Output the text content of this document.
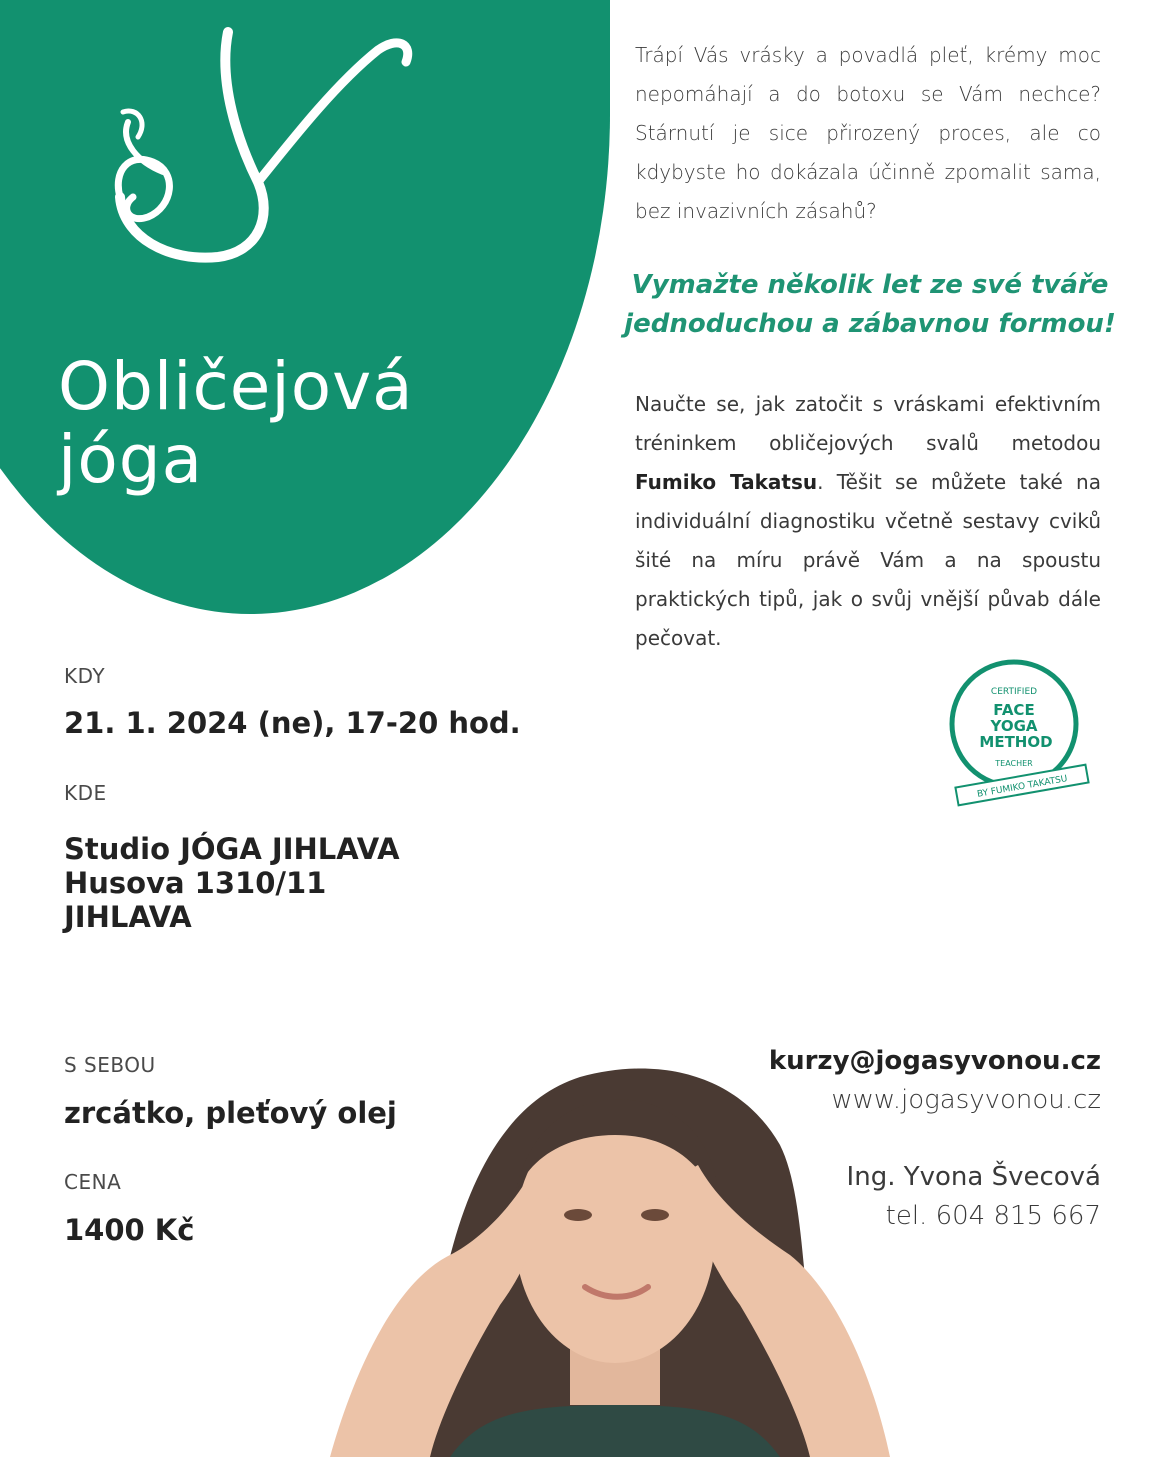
Obličejová
jóga

Trápí Vás vrásky a povadlá pleť, krémy moc nepomáhají a do botoxu se Vám nechce? Stárnutí je sice přirozený proces, ale co kdybyste ho dokázala účinně zpomalit sama, bez invazivních zásahů?

Vymažte několik let ze své tváře
jednoduchou a zábavnou formou!

Naučte se, jak zatočit s vráskami efektivním tréninkem obličejových svalů metodou Fumiko Takatsu. Těšit se můžete také na individuální diagnostiku včetně sestavy cviků šité na míru právě Vám a na spoustu praktických tipů, jak o svůj vnější půvab dále pečovat.

CERTIFIED
FACE
YOGA
METHOD
TEACHER
BY FUMIKO TAKATSU

KDY

21. 1. 2024 (ne), 17-20 hod.

KDE

Studio JÓGA JIHLAVA
Husova 1310/11
JIHLAVA

S SEBOU

zrcátko, pleťový olej

CENA

1400 Kč

kurzy@jogasyvonou.cz

www.jogasyvonou.cz

Ing. Yvona Švecová

tel. 604 815 667
